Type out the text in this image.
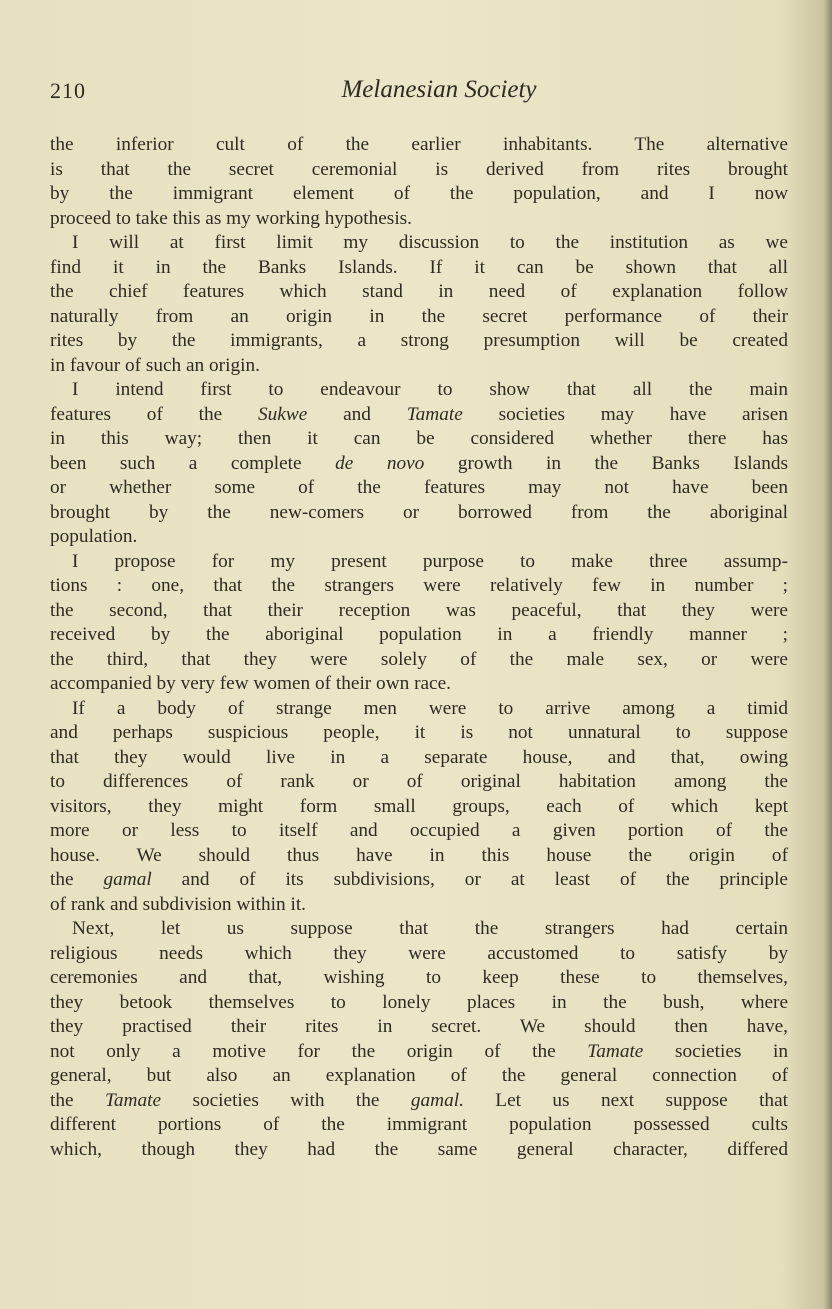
210	Melanesian Society
the inferior cult of the earlier inhabitants. The alternative
is that the secret ceremonial is derived from rites brought
by the immigrant element of the population, and I now
proceed to take this as my working hypothesis.
I will at first limit my discussion to the institution as we
find it in the Banks Islands. If it can be shown that all
the chief features which stand in need of explanation follow
naturally from an origin in the secret performance of their
rites by the immigrants, a strong presumption will be created
in favour of such an origin.
I intend first to endeavour to show that all the main
features of the Sukwe and Tamate societies may have arisen
in this way; then it can be considered whether there has
been such a complete de novo growth in the Banks Islands
or whether some of the features may not have been
brought by the new-comers or borrowed from the aboriginal
population.
I propose for my present purpose to make three assump-
tions : one, that the strangers were relatively few in number ;
the second, that their reception was peaceful, that they were
received by the aboriginal population in a friendly manner ;
the third, that they were solely of the male sex, or were
accompanied by very few women of their own race.
If a body of strange men were to arrive among a timid
and perhaps suspicious people, it is not unnatural to suppose
that they would live in a separate house, and that, owing
to differences of rank or of original habitation among the
visitors, they might form small groups, each of which kept
more or less to itself and occupied a given portion of the
house. We should thus have in this house the origin of
the gamal and of its subdivisions, or at least of the principle
of rank and subdivision within it.
Next, let us suppose that the strangers had certain
religious needs which they were accustomed to satisfy by
ceremonies and that, wishing to keep these to themselves,
they betook themselves to lonely places in the bush, where
they practised their rites in secret. We should then have,
not only a motive for the origin of the Tamate societies in
general, but also an explanation of the general connection of
the Tamate societies with the gamal. Let us next suppose that
different portions of the immigrant population possessed cults
which, though they had the same general character, differed
